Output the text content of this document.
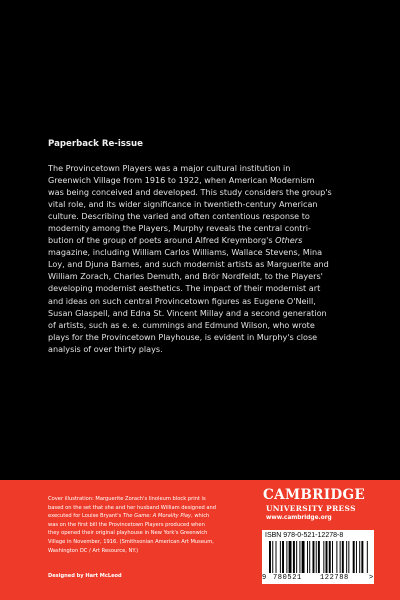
Paperback Re-issue

The Provincetown Players was a major cultural institution in
Greenwich Village from 1916 to 1922, when American Modernism
was being conceived and developed. This study considers the group's
vital role, and its wider significance in twentieth-century American
culture. Describing the varied and often contentious response to
modernity among the Players, Murphy reveals the central contri-
bution of the group of poets around Alfred Kreymborg's Others
magazine, including William Carlos Williams, Wallace Stevens, Mina
Loy, and Djuna Barnes, and such modernist artists as Marguerite and
William Zorach, Charles Demuth, and Brör Nordfeldt, to the Players'
developing modernist aesthetics. The impact of their modernist art
and ideas on such central Provincetown figures as Eugene O'Neill,
Susan Glaspell, and Edna St. Vincent Millay and a second generation
of artists, such as e. e. cummings and Edmund Wilson, who wrote
plays for the Provincetown Playhouse, is evident in Murphy's close
analysis of over thirty plays.

Cover illustration: Marguerite Zorach's linoleum block print is
based on the set that she and her husband William designed and
executed for Louise Bryant's The Game: A Morality Play, which
was on the first bill the Provincetown Players produced when
they opened their original playhouse in New York's Greenwich
Village in November, 1916. (Smithsonian American Art Museum,
Washington DC / Art Resource, NY.)

Designed by Hart McLeod
CAMBRIDGE
UNIVERSITY PRESS
www.cambridge.org
ISBN 978-0-521-12278-8
9 780521	122788	>
